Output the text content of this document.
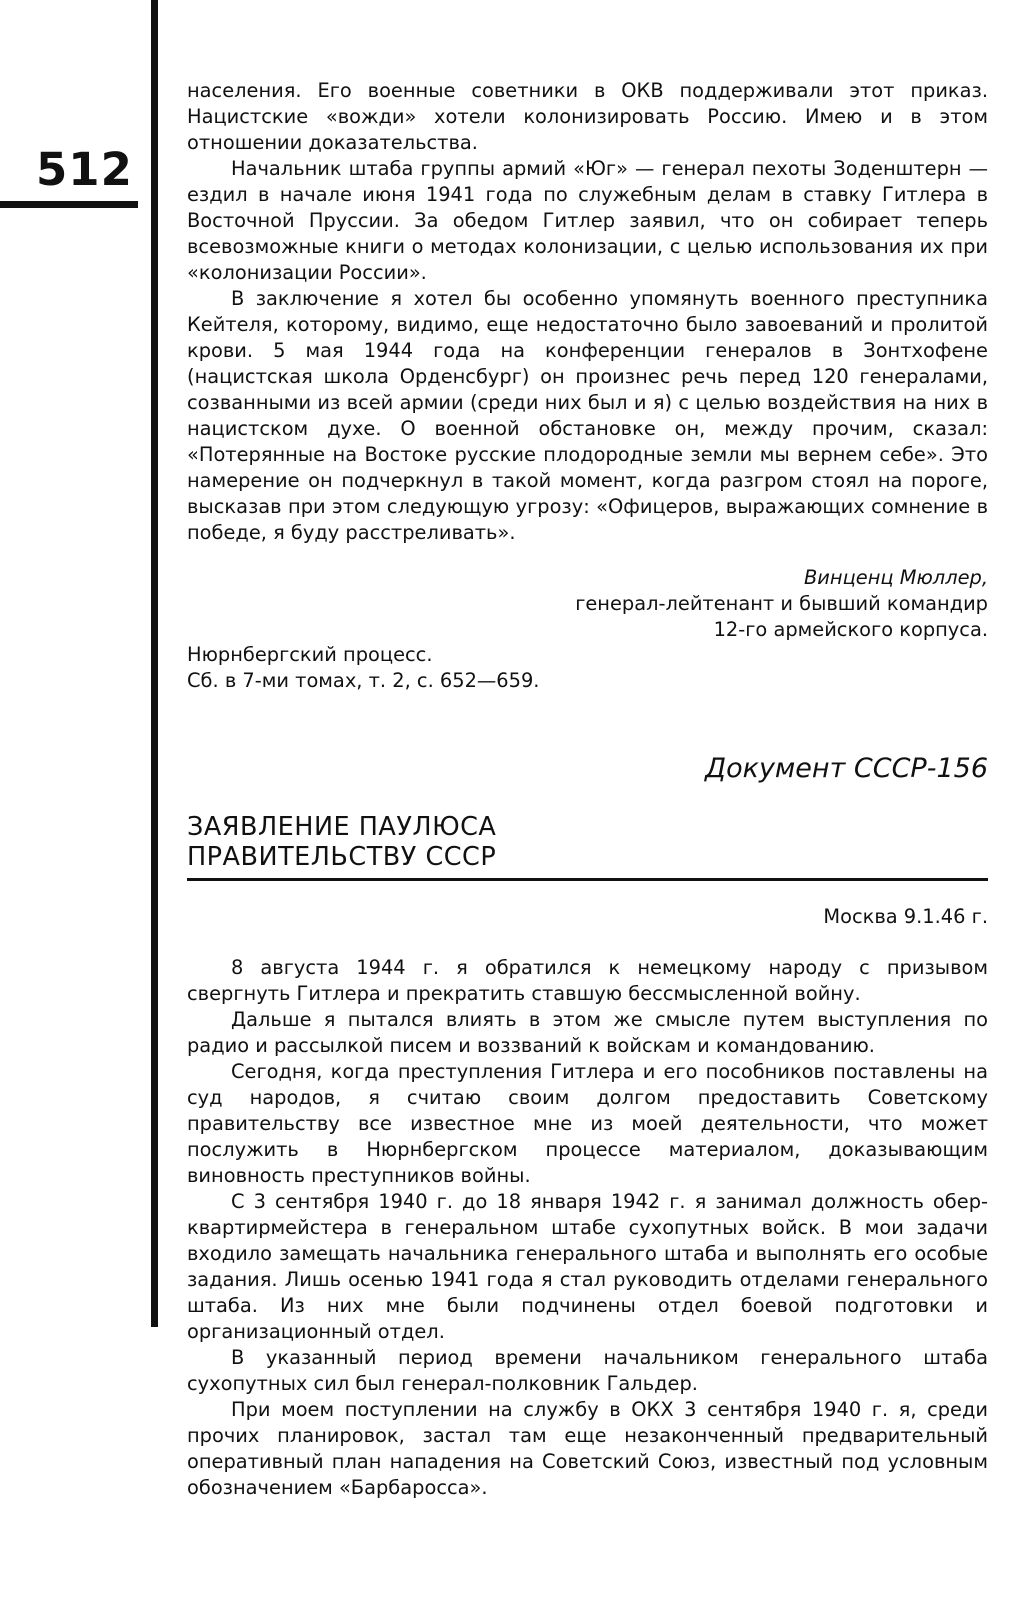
512

населения. Его военные советники в ОКВ поддерживали этот приказ. Нацистские «вожди» хотели колонизировать Россию. Имею и в этом отношении доказательства.

Начальник штаба группы армий «Юг» — генерал пехоты Зоденштерн — ездил в начале июня 1941 года по служебным делам в ставку Гитлера в Восточной Пруссии. За обедом Гитлер заявил, что он собирает теперь всевозможные книги о методах колонизации, с целью использования их при «колонизации России».

В заключение я хотел бы особенно упомянуть военного преступника Кейтеля, которому, видимо, еще недостаточно было завоеваний и пролитой крови. 5 мая 1944 года на конференции генералов в Зонтхофене (нацистская школа Орденсбург) он произнес речь перед 120 генералами, созванными из всей армии (среди них был и я) с целью воздействия на них в нацистском духе. О военной обстановке он, между прочим, сказал: «Потерянные на Востоке русские плодородные земли мы вернем себе». Это намерение он подчеркнул в такой момент, когда разгром стоял на пороге, высказав при этом следующую угрозу: «Офицеров, выражающих сомнение в победе, я буду расстреливать».

Винценц Мюллер,

генерал-лейтенант и бывший командир

12-го армейского корпуса.

Нюрнбергский процесс.

Сб. в 7-ми томах, т. 2, с. 652—659.

Документ СССР-156
ЗАЯВЛЕНИЕ ПАУЛЮСА
ПРАВИТЕЛЬСТВУ СССР
Москва 9.1.46 г.

8 августа 1944 г. я обратился к немецкому народу с призывом свергнуть Гитлера и прекратить ставшую бессмысленной войну.

Дальше я пытался влиять в этом же смысле путем выступления по радио и рассылкой писем и воззваний к войскам и командованию.

Сегодня, когда преступления Гитлера и его пособников поставлены на суд народов, я считаю своим долгом предоставить Советскому правительству все известное мне из моей деятельности, что может послужить в Нюрнбергском процессе материалом, доказывающим виновность преступников войны.

С 3 сентября 1940 г. до 18 января 1942 г. я занимал должность обер-квартирмейстера в генеральном штабе сухопутных войск. В мои задачи входило замещать начальника генерального штаба и выполнять его особые задания. Лишь осенью 1941 года я стал руководить отделами генерального штаба. Из них мне были подчинены отдел боевой подготовки и организационный отдел.

В указанный период времени начальником генерального штаба сухопутных сил был генерал-полковник Гальдер.

При моем поступлении на службу в ОКХ 3 сентября 1940 г. я, среди прочих планировок, застал там еще незаконченный предварительный оперативный план нападения на Советский Союз, известный под условным обозначением «Барбаросса».
